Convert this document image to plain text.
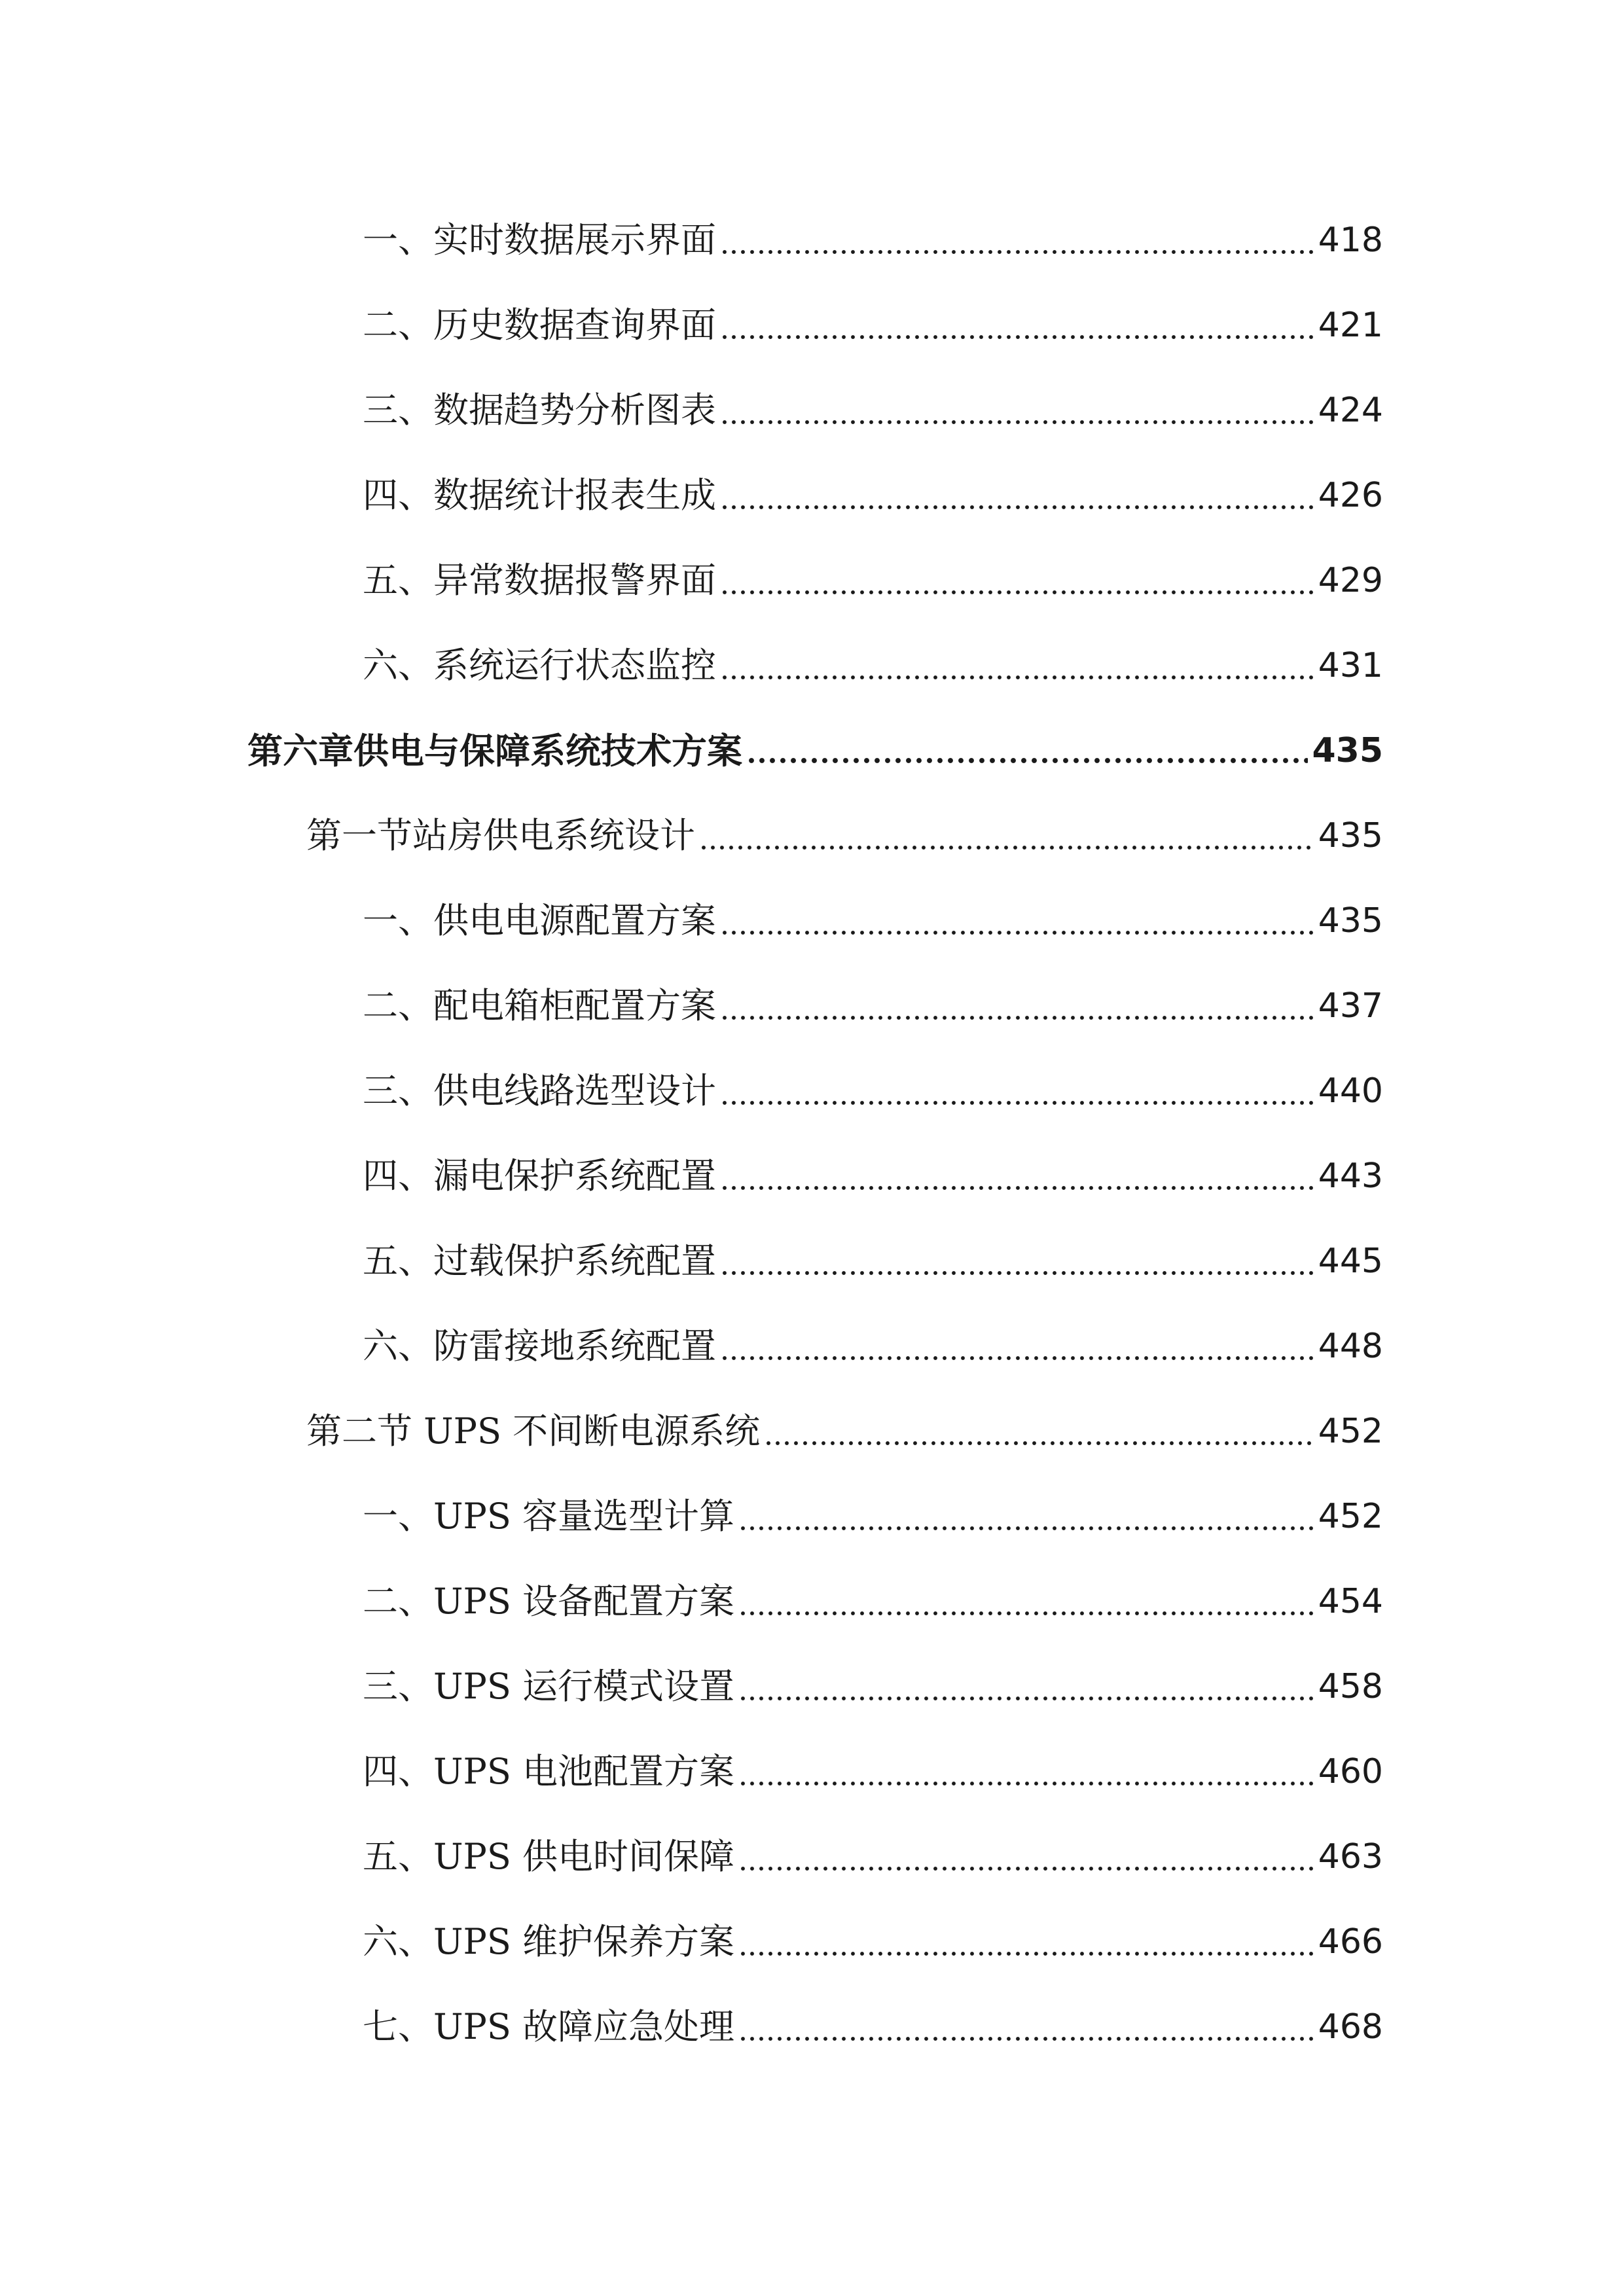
一、实时数据展示界面	418
二、历史数据查询界面	421
三、数据趋势分析图表	424
四、数据统计报表生成	426
五、异常数据报警界面	429
六、系统运行状态监控	431
第六章供电与保障系统技术方案	435
第一节站房供电系统设计	435
一、供电电源配置方案	435
二、配电箱柜配置方案	437
三、供电线路选型设计	440
四、漏电保护系统配置	443
五、过载保护系统配置	445
六、防雷接地系统配置	448
第二节 UPS 不间断电源系统	452
一、UPS 容量选型计算	452
二、UPS 设备配置方案	454
三、UPS 运行模式设置	458
四、UPS 电池配置方案	460
五、UPS 供电时间保障	463
六、UPS 维护保养方案	466
七、UPS 故障应急处理	468
